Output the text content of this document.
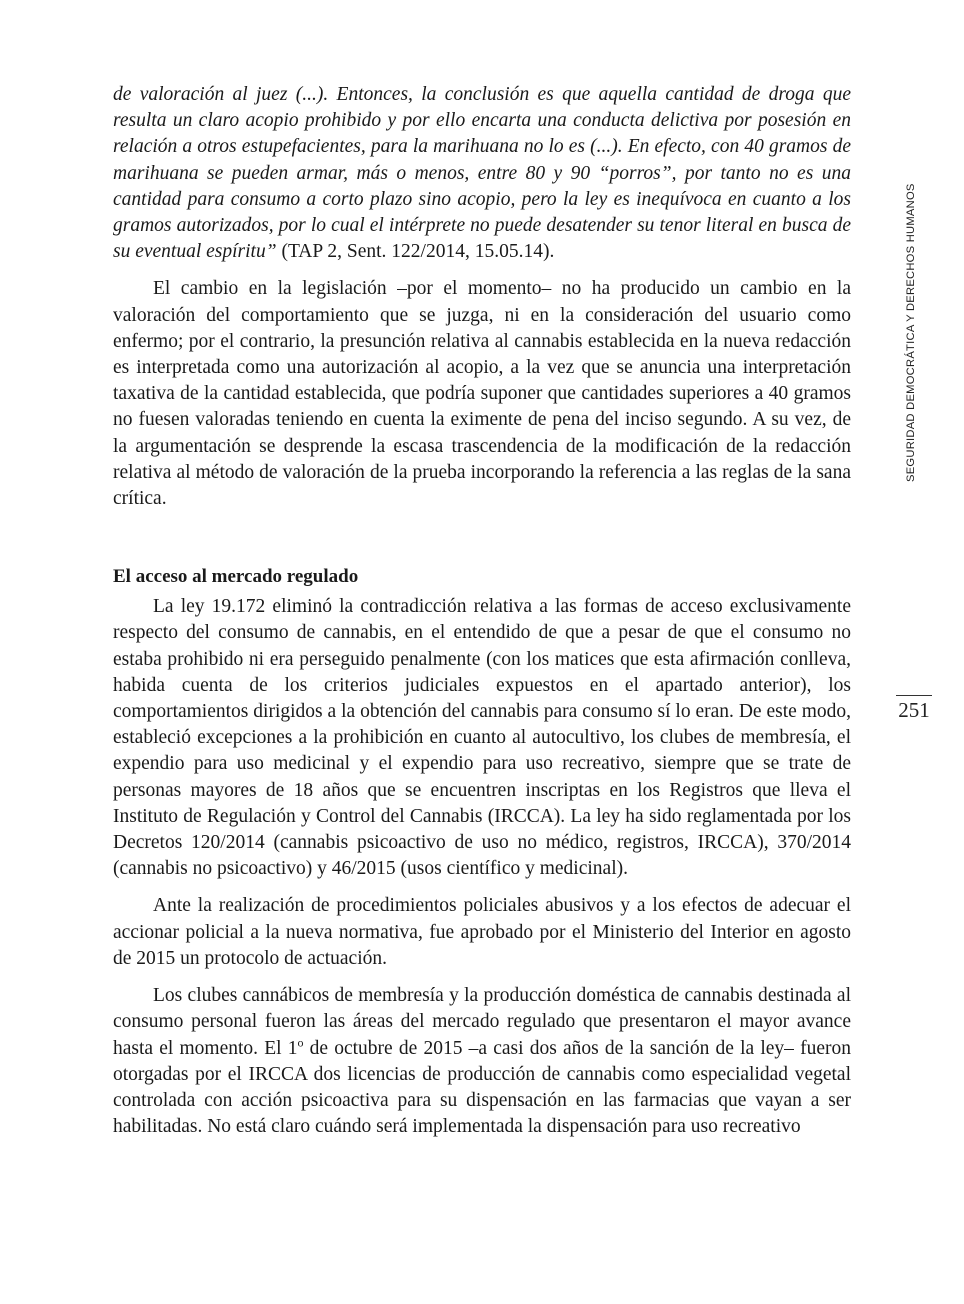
SEGURIDAD DEMOCRÁTICA Y DERECHOS HUMANOS
251

de valoración al juez (...). Entonces, la conclusión es que aquella cantidad de droga que resulta un claro acopio prohibido y por ello encarta una conducta delictiva por posesión en relación a otros estupefacientes, para la marihuana no lo es (...). En efecto, con 40 gramos de marihuana se pueden armar, más o menos, entre 80 y 90 “porros”, por tanto no es una cantidad para consumo a corto plazo sino acopio, pero la ley es inequívoca en cuanto a los gramos autorizados, por lo cual el intérprete no puede desatender su tenor literal en busca de su eventual espíritu” (TAP 2, Sent. 122/2014, 15.05.14).

El cambio en la legislación –por el momento– no ha producido un cambio en la valoración del comportamiento que se juzga, ni en la consideración del usuario como enfermo; por el contrario, la presunción relativa al cannabis establecida en la nueva redacción es interpretada como una autorización al acopio, a la vez que se anuncia una interpretación taxativa de la cantidad establecida, que podría suponer que cantidades superiores a 40 gramos no fuesen valoradas teniendo en cuenta la eximente de pena del inciso segundo. A su vez, de la argumentación se desprende la escasa trascendencia de la modificación de la redacción relativa al método de valoración de la prueba incorporando la referencia a las reglas de la sana crítica.

El acceso al mercado regulado

La ley 19.172 eliminó la contradicción relativa a las formas de acceso exclusivamente respecto del consumo de cannabis, en el entendido de que a pesar de que el consumo no estaba prohibido ni era perseguido penalmente (con los matices que esta afirmación conlleva, habida cuenta de los criterios judiciales expuestos en el apartado anterior), los comportamientos dirigidos a la obtención del cannabis para consumo sí lo eran. De este modo, estableció excepciones a la prohibición en cuanto al autocultivo, los clubes de membresía, el expendio para uso medicinal y el expendio para uso recreativo, siempre que se trate de personas mayores de 18 años que se encuentren inscriptas en los Registros que lleva el Instituto de Regulación y Control del Cannabis (IRCCA). La ley ha sido reglamentada por los Decretos 120/2014 (cannabis psicoactivo de uso no médico, registros, IRCCA), 370/2014 (cannabis no psicoactivo) y 46/2015 (usos científico y medicinal).

Ante la realización de procedimientos policiales abusivos y a los efectos de adecuar el accionar policial a la nueva normativa, fue aprobado por el Ministerio del Interior en agosto de 2015 un protocolo de actuación.

Los clubes cannábicos de membresía y la producción doméstica de cannabis destinada al consumo personal fueron las áreas del mercado regulado que presentaron el mayor avance hasta el momento. El 1$^o$ de octubre de 2015 –a casi dos años de la sanción de la ley– fueron otorgadas por el IRCCA dos licencias de producción de cannabis como especialidad vegetal controlada con acción psicoactiva para su dispensación en las farmacias que vayan a ser habilitadas. No está claro cuándo será implementada la dispensación para uso recreativo
